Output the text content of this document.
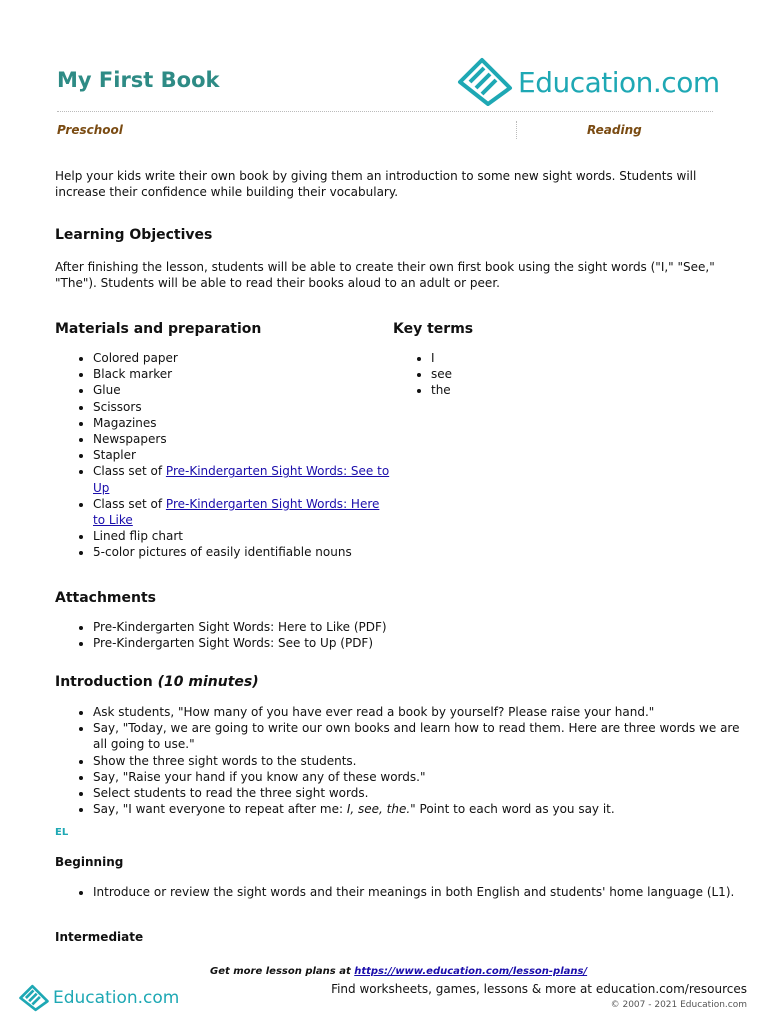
My First Book	Education.com
Preschool	Reading

Help your kids write their own book by giving them an introduction to some new sight words. Students will increase their confidence while building their vocabulary.

Learning Objectives

After finishing the lesson, students will be able to create their own first book using the sight words ("I," "See," "The"). Students will be able to read their books aloud to an adult or peer.

Materials and preparation
• Colored paper
• Black marker
• Glue
• Scissors
• Magazines
• Newspapers
• Stapler
• Class set of Pre-Kindergarten Sight Words: See to Up
• Class set of Pre-Kindergarten Sight Words: Here to Like
• Lined flip chart
• 5-color pictures of easily identifiable nouns
Key terms
• I
• see
• the
Attachments
• Pre-Kindergarten Sight Words: Here to Like (PDF)
• Pre-Kindergarten Sight Words: See to Up (PDF)
Introduction (10 minutes)
• Ask students, "How many of you have ever read a book by yourself? Please raise your hand."
• Say, "Today, we are going to write our own books and learn how to read them. Here are three words we are all going to use."
• Show the three sight words to the students.
• Say, "Raise your hand if you know any of these words."
• Select students to read the three sight words.
• Say, "I want everyone to repeat after me: I, see, the." Point to each word as you say it.
EL
Beginning
• Introduce or review the sight words and their meanings in both English and students' home language (L1).
Intermediate
Get more lesson plans at https://www.education.com/lesson-plans/
Education.com	Find worksheets, games, lessons & more at education.com/resources
© 2007 - 2021 Education.com
